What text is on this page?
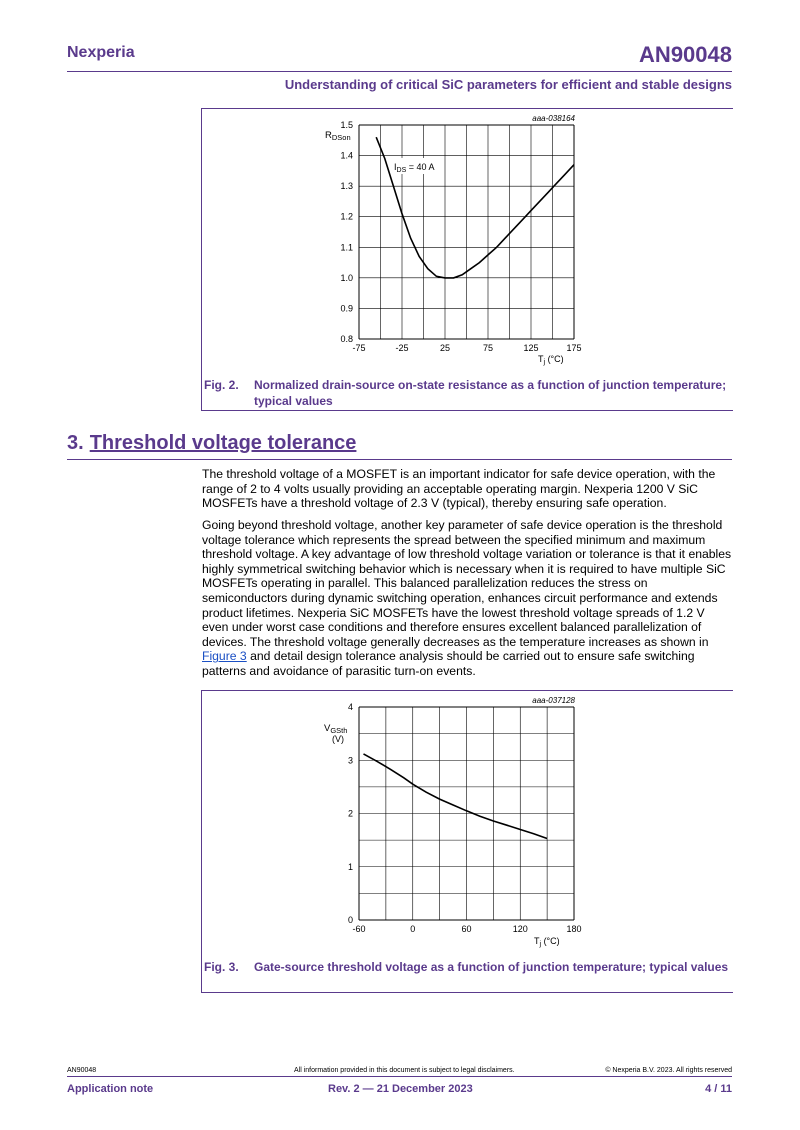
Nexperia	AN90048
Understanding of critical SiC parameters for efficient and stable designs
aaa-038164
0.8
0.9
1.0
1.1
1.2
1.3
1.4
1.5
-75	-25	25	75	125	175
$R_{DSon}$
$T_j$ (°C)
$I_{DS} = 40$ A
Fig. 2.	Normalized drain-source on-state resistance as a function of junction temperature; typical values
3. Threshold voltage tolerance

The threshold voltage of a MOSFET is an important indicator for safe device operation, with the range of 2 to 4 volts usually providing an acceptable operating margin. Nexperia 1200 V SiC MOSFETs have a threshold voltage of 2.3 V (typical), thereby ensuring safe operation.

Going beyond threshold voltage, another key parameter of safe device operation is the threshold voltage tolerance which represents the spread between the specified minimum and maximum threshold voltage. A key advantage of low threshold voltage variation or tolerance is that it enables highly symmetrical switching behavior which is necessary when it is required to have multiple SiC MOSFETs operating in parallel. This balanced parallelization reduces the stress on semiconductors during dynamic switching operation, enhances circuit performance and extends product lifetimes. Nexperia SiC MOSFETs have the lowest threshold voltage spreads of 1.2 V even under worst case conditions and therefore ensures excellent balanced parallelization of devices. The threshold voltage generally decreases as the temperature increases as shown in Figure 3 and detail design tolerance analysis should be carried out to ensure safe switching patterns and avoidance of parasitic turn-on events.

aaa-037128
0
1
2
3
4
-60	0	60	120	180
$V_{GSth}$
(V)
$T_j$ (°C)
Fig. 3.	Gate-source threshold voltage as a function of junction temperature; typical values
AN90048	All information provided in this document is subject to legal disclaimers.	© Nexperia B.V. 2023. All rights reserved
Application note	Rev. 2 — 21 December 2023	4 / 11
